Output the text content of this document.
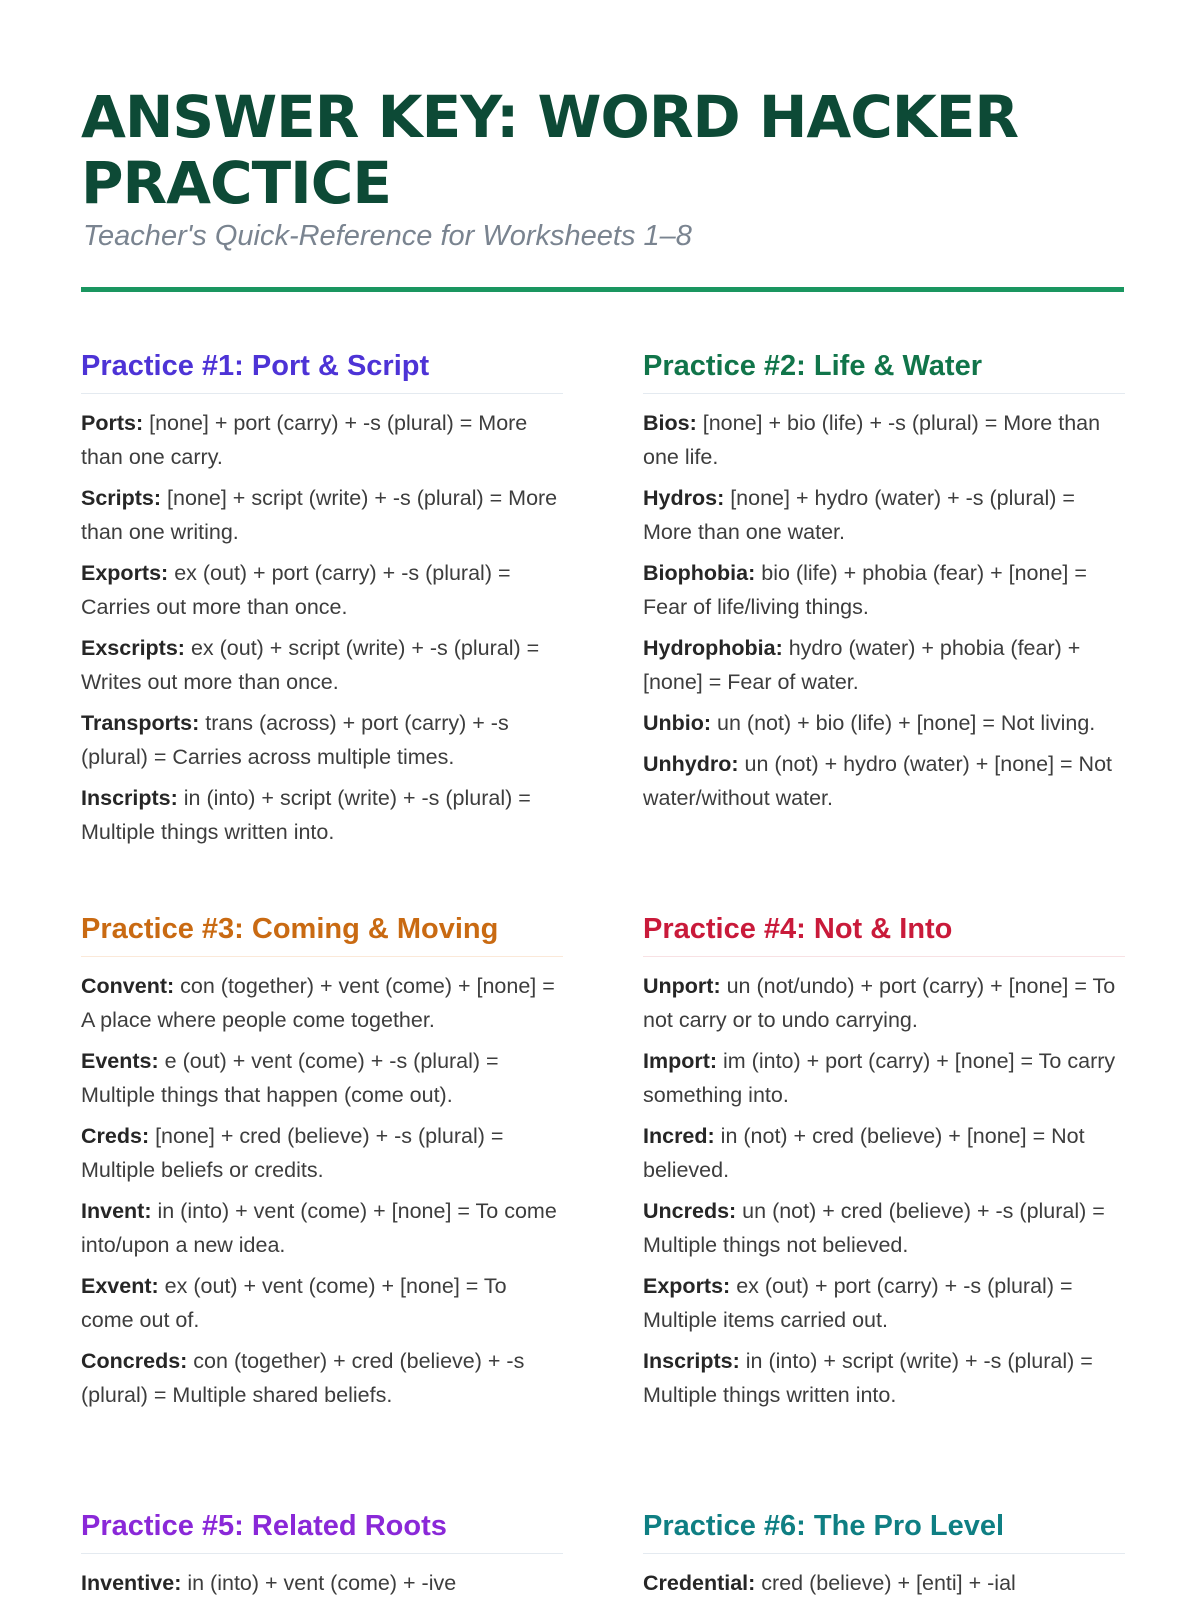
ANSWER KEY: WORD HACKER PRACTICE

Teacher's Quick-Reference for Worksheets 1–8

Practice #1: Port & Script

Ports: [none] + port (carry) + -s (plural) = More than one carry.

Scripts: [none] + script (write) + -s (plural) = More than one writing.

Exports: ex (out) + port (carry) + -s (plural) = Carries out more than once.

Exscripts: ex (out) + script (write) + -s (plural) = Writes out more than once.

Transports: trans (across) + port (carry) + -s (plural) = Carries across multiple times.

Inscripts: in (into) + script (write) + -s (plural) = Multiple things written into.

Practice #2: Life & Water

Bios: [none] + bio (life) + -s (plural) = More than one life.

Hydros: [none] + hydro (water) + -s (plural) = More than one water.

Biophobia: bio (life) + phobia (fear) + [none] = Fear of life/living things.

Hydrophobia: hydro (water) + phobia (fear) + [none] = Fear of water.

Unbio: un (not) + bio (life) + [none] = Not living.

Unhydro: un (not) + hydro (water) + [none] = Not water/without water.

Practice #3: Coming & Moving

Convent: con (together) + vent (come) + [none] = A place where people come together.

Events: e (out) + vent (come) + -s (plural) = Multiple things that happen (come out).

Creds: [none] + cred (believe) + -s (plural) = Multiple beliefs or credits.

Invent: in (into) + vent (come) + [none] = To come into/upon a new idea.

Exvent: ex (out) + vent (come) + [none] = To come out of.

Concreds: con (together) + cred (believe) + -s (plural) = Multiple shared beliefs.

Practice #4: Not & Into

Unport: un (not/undo) + port (carry) + [none] = To not carry or to undo carrying.

Import: im (into) + port (carry) + [none] = To carry something into.

Incred: in (not) + cred (believe) + [none] = Not believed.

Uncreds: un (not) + cred (believe) + -s (plural) = Multiple things not believed.

Exports: ex (out) + port (carry) + -s (plural) = Multiple items carried out.

Inscripts: in (into) + script (write) + -s (plural) = Multiple things written into.

Practice #5: Related Roots

Inventive: in (into) + vent (come) + -ive

Practice #6: The Pro Level

Credential: cred (believe) + [enti] + -ial
